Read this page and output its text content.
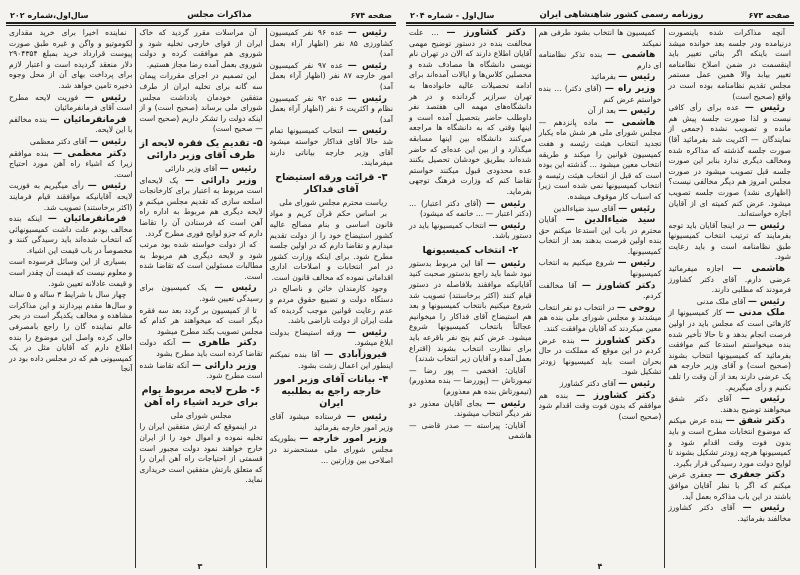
صفحه ۶۷۴
مذاکرات مجلس
سال‌اول،شماره ۲۰۲

رئیس — عده ۹۶ نفر کمیسیون کشاورزی ۸۵ نفر (اظهار آراء بعمل آمد)

رئیس — عده ۹۷ نفر کمیسیون امور خارجه ۸۷ نفر (اظهار آراء بعمل آمد)

رئیس — عده ۹۲ نفر کمیسیون نظام و اکثریت ۶ نفر (اظهار آراء بعمل آمد)

رئیس — انتخاب کمیسیونها تمام شد حالا آقای فداکار خواسته میشود آقای وزیر خارجه بیاناتی دارند میفرمایند.

۳- قرائت ورقه استیضاح آقای فداکار

ریاست محترم مجلس شورای ملی

بر اساس حکم قرآن کریم و مواد قانون اساسی و بنام مصالح عالیه کشور استیضاح خود را از دولت تقدیم میدارم و تقاضا دارم که در اولین جلسه مطرح شود. برای اینکه وزارت کشور در امر انتخابات و اصلاحات اداری اقداماتی نموده که مخالف قانون است.

وجود کارمندان خائن و ناصالح در دستگاه دولت و تضییع حقوق مردم و عدم رعایت قوانین موجب گردیده که ملت ایران از دولت ناراضی باشد.

رئیس — ورقه استیضاح بدولت ابلاغ میشود.

فیروزآبادی — آقا بنده نمیکنم اینطور این اعمال زشت بشود.

۴- بیانات آقای وزیر امور خارجه راجع به بطلبیه ایران

رئیس — فرستاده میشود آقای وزیر امور خارجه بفرمائید

وزیر امور خارجه — بطوریکه مجلس شورای ملی مستحضرند در اصلاحی بین وزارتین ...

آن مراسلات مقرر گردید که خاک ایران از قوای خارجی تخلیه شود و شوروی هم موافقت کرده و دولت شوروی بعمل آمده رضا مجاز هستیم.

این تصمیم در اجرای مقررات پیمان سه گانه برای تخلیه ایران از طرف متفقین خودمان یادداشت مجلس شورای ملی برساند (صحیح است) و از اینکه دولت را تشکر داریم (صحیح است — صحیح است)

۵- تقدیم یک فقره لایحه از طرف آقای وزیر دارائی

رئیس — آقای وزیر دارائی

وزیر دارائی — یک لایحه‌ای است مربوط به اعتبار برای کارخانجات اسلحه سازی که تقدیم مجلس میکنم و لایحه دیگری هم مربوط به اداره راه آهن است که فرستادن آن را تقاضا دارم که جزو لوایح فوری مطرح گردد.

که از دولت خواسته شده بود مرتب شود و لایحه دیگری هم مربوط به مطالبات مسئولین است که تقاضا شده است.

رئیس — یک کمیسیون برای رسیدگی تعیین شود.

تا از کمیسیون بر گردد بعد سه فقره دیگر است که میخواهند هر کدام که مجلس تصویب بکند مطرح میشود

دکتر طاهری — آنکه دولت تقاضا کرده است باید مطرح بشود

وزیر دارائی — آنکه تقاضا شده است مطرح شود.

۶- طرح لایحه مربوط بوام برای خرید اشیاء راه آهن

مجلس شورای ملی

در اینموقع که ارتش متفقین ایران را تخلیه نموده و اموال خود را از ایران خارج خواهند نمود دولت مجبور است قسمتی از احتیاجات راه آهن ایران را که متعلق بارتش متفقین است خریداری نماید.

نماینده اخیرا برای خرید مقداری لکوموتیو و واگن و غیره طبق صورت پیوست قرارداد خرید بمبلغ ۲۹۰۴۳۵۴ دلار منعقد گردیده است و اعتبار لازم برای پرداخت بهای آن از محل وجوه ذخیره تامین خواهد شد.

رئیس — فوریت لایحه مطرح است آقای فرمانفرمائیان

فرمانفرمائیان — بنده مخالفم با این لایحه.

رئیس — آقای دکتر معظمی

دکتر معظمی — بنده موافقم زیرا که اشیاء راه آهن مورد احتیاج است.

رئیس — رأی میگیریم به فوریت لایحه آقایانیکه موافقند قیام فرمایند (اکثر برخاستند) تصویب شد.

فرمانفرمائیان — اینکه بنده مخالف بودم علت داشت کمیسیونهائی که انتخاب شده‌اند باید رسیدگی کنند و مخصوصاً در باب قیمت این اشیاء.

بسیاری از این وسائل فرسوده است و معلوم نیست که قیمت آن چقدر است و قیمت عادلانه تعیین شود.

چهار سال با شرایط ۳ ساله و ۵ ساله و سال‌ها مقدم بپردازند و این مذاکرات مشاهده و مخالف یکدیگر است در بحر عالم نماینده گان را راجع بامصرفی خالی کرده واصل این موضوع را بنده اطلاع دارم که آقایان مثل در یک کمیسیونی هم که در مجلس داده بود در آنجا

صفحه ۶۷۳
روزنامه رسمی کشور شاهنشاهی ایران
سال‌اول - شماره ۲۰۴

آنچه مذاکرات شده باینصورت درنیامده ودر جلسه بعد خوانده میشد است باینکه اگر بنائی تغییر باید اینقسمت در ضمن اصلاح نظامنامه تغییر بیابد والا همین عمل مستمر مجلس تقدیم نظامنامه بوده است در واقع (صحیح است)

رئیس — عده برای رأی کافی نیست و لذا صورت جلسه پیش هم مانده و تصویب نشده (جمعی از نمایندگان — اکثریت شد بفرمائید آقا) صورت جلسه گذشته که مذاکره شده ومخالف دیگری ندارد بنابر این صورت جلسه قبل تصویب میشود در صورت مجلس امروز هم دیگر مخالفی نیست؟ (اظهاری نشد) صورت جلسه تصویب میشود. عرض کنم کمیته ای از آقایان اجازه خواسته‌اند.

رئیس — در اینجا آقایان باید توجه بفرمایند که ترتیب انتخاب کمیسیونها طبق نظامنامه است و باید رعایت شود.

هاشمی — اجازه میفرمائید عرضی دارم. آقای دکتر کشاورز فرمودند که مطلبی دارند.

رئیس — آقای ملک مدنی

ملک مدنی — کار کمیسیونها از کارهائی است که مجلس باید در اولین فرصت انجام بدهد و تا حالا تأخیر شده بنده میخواستم استدعا کنم موافقت بفرمائید که کمیسیونها انتخاب بشوند (صحیح است) و آقای وزیر خارجه هم یک عرضی دارند بعد از آن وقت را تلف نکنیم و رأی میگیریم.

رئیس — آقای دکتر شفق میخواهند توضیح بدهند.

دکتر شفق — بنده عرض میکنم که موضوع انتخابات مطرح است و باید بدون فوت وقت اقدام شود و کمیسیونها هرچه زودتر تشکیل بشوند تا لوایح دولت مورد رسیدگی قرار بگیرد.

دکتر جعفری — جعفری عرض میکنم که اگر با نظر آقایان موافق باشند در این باب مذاکره بعمل آید.

رئیس — آقای دکتر کشاورز مخالفند بفرمائید.

کمیسیون ها انتخاب بشود طرفی هم نمیکند

هاشمی — بنده تذکر نظامنامه ای دارم

رئیس — بفرمائید

وزیر راه — (آقای دکتر) ... بنده خواستم عرض کنم

رئیس — بعد از آن

هاشمی — ماده پانزدهم — مجلس شورای ملی هر شش ماه یکبار تجدید انتخاب هیئت رئیسه و هفت کمیسیون قوانین را میکند و طریقه انتخاب معین میشود ... گذشته این بوده است که قبل از انتخاب هیئت رئیسه و انتخاب کمیسیونها نمی شده است زیرا که اسباب کار موقوف میشده.

رئیس — آقای سید ضیاءالدین

سید ضیاءالدین — آقایان محترم در باب این استدعا میکنم حق بنده اولین فرصت بدهند بعد از انتخاب کمیسیونها.

رئیس — شروع میکنیم به انتخاب کمیسیونها

دکتر کشاورز — آقا مخالفت کردم.

روحی — در انتخاب دو نفر انتخاب میشدند و مجلس شورای ملی بنده هم معین میکردند که آقایان موافقت کنند.

دکتر کشاورز — بنده عرض کردم در این موقع که مملکت در حال بحران است باید کمیسیونها زودتر تشکیل شود.

رئیس — آقای دکتر کشاورز

دکتر کشاورز — بنده هم موافقم که بدون فوت وقت اقدام شود (صحیح است)

دکتر کشاورز — ... علت مخالفت بنده در دستور توضیح مهمی آقایان اطلاع دارند که الان در تهران نام نویسی دانشگاه ها مصادف شده و محصلین کلاس‌ها و ایالات آمده‌اند برای ادامه تحصیلات عالیه خانواده‌ها به تهران سرازیر گردانده و در هر دانشگاه‌های مهمه الی هفتصد نفر داوطلب حاضر بتحصیل آمده است و اینها وقتی که به دانشگاه ها مراجعه می‌کنند دانشگاه بین اینها مسابقه میگذارد و از بین این عده‌ای که حاضر شده‌اند بطریق خودشان تحصیل بکنند عده محدودی قبول میکنند خواستم تقاضا کنم که وزارت فرهنگ توجهی بفرماید.

رئیس — (آقای دکتر اعتبار) ... (دکتر اعتبار — ... خاتمه که میشود)

رئیس — انتخاب کمیسیونها باید در دستور باشد.

۲- انتخاب کمیسیونها

رئیس — آقا این مربوط بدستور نبود شما باید راجع بدستور صحبت کنید آقایانیکه موافقند بلافاصله در دستور قیام کنند (اکثر برخاستند) تصویب شد شروع میکنیم بانتخاب کمیسیونها و بعد هم استیضاح آقای فداکار را میخوانیم عجالتاً بانتخاب کمیسیونها شروع میشود. عرض کنم پنج نفر باقرعه باید برای نظارت انتخاب بشوند (اقتراع بعمل آمده و آقایان زیر انتخاب شدند)

آقایان: افخمی — پور رضا — تیمورتاش — (پوررضا — بنده معذورم) (تیمورتاش بنده هم معذورم)

رئیس — بجای آقایان معذور دو نفر دیگر انتخاب میشوند.

آقایان: پیراسته — صدر قاضی — هاشمی

۳	۴
